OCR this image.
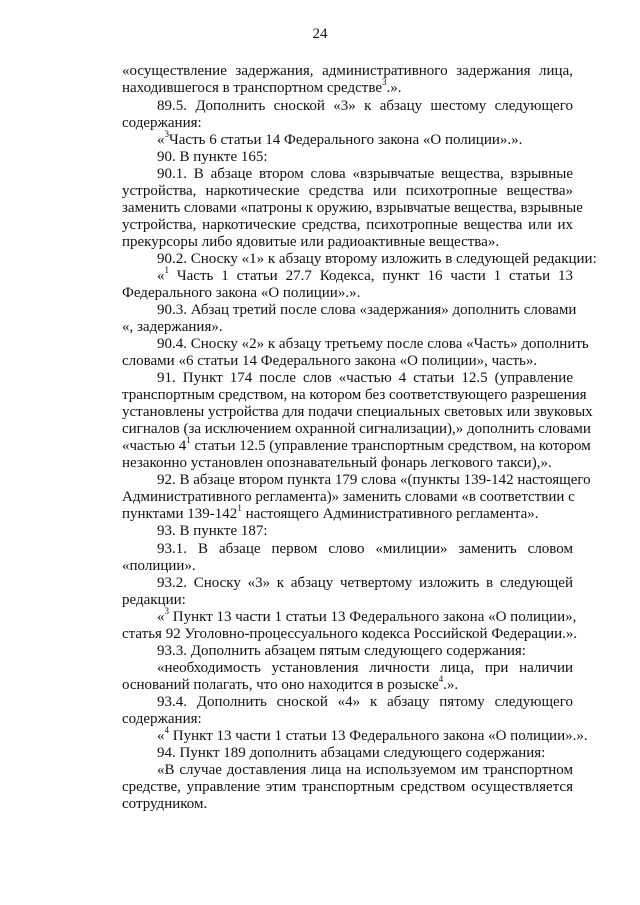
24
«осуществление задержания, административного задержания лица,
находившегося в транспортном средстве$^3$.».
89.5. Дополнить сноской «3» к абзацу шестому следующего
содержания:
«$^3$Часть 6 статьи 14 Федерального закона «О полиции».».
90. В пункте 165:
90.1. В абзаце втором слова «взрывчатые вещества, взрывные
устройства, наркотические средства или психотропные вещества»
заменить словами «патроны к оружию, взрывчатые вещества, взрывные
устройства, наркотические средства, психотропные вещества или их
прекурсоры либо ядовитые или радиоактивные вещества».
90.2. Сноску «1» к абзацу второму изложить в следующей редакции:
«$^1$ Часть 1 статьи 27.7 Кодекса, пункт 16 части 1 статьи 13
Федерального закона «О полиции».».
90.3. Абзац третий после слова «задержания» дополнить словами
«, задержания».
90.4. Сноску «2» к абзацу третьему после слова «Часть» дополнить
словами «6 статьи 14 Федерального закона «О полиции», часть».
91. Пункт 174 после слов «частью 4 статьи 12.5 (управление
транспортным средством, на котором без соответствующего разрешения
установлены устройства для подачи специальных световых или звуковых
сигналов (за исключением охранной сигнализации),» дополнить словами
«частью $4^1$ статьи 12.5 (управление транспортным средством, на котором
незаконно установлен опознавательный фонарь легкового такси),».
92. В абзаце втором пункта 179 слова «(пункты 139-142 настоящего
Административного регламента)» заменить словами «в соответствии с
пунктами $139-142^1$ настоящего Административного регламента».
93. В пункте 187:
93.1. В абзаце первом слово «милиции» заменить словом
«полиции».
93.2. Сноску «3» к абзацу четвертому изложить в следующей
редакции:
«$^3$ Пункт 13 части 1 статьи 13 Федерального закона «О полиции»,
статья 92 Уголовно-процессуального кодекса Российской Федерации.».
93.3. Дополнить абзацем пятым следующего содержания:
«необходимость установления личности лица, при наличии
оснований полагать, что оно находится в розыске$^4$.».
93.4. Дополнить сноской «4» к абзацу пятому следующего
содержания:
«$^4$ Пункт 13 части 1 статьи 13 Федерального закона «О полиции».».
94. Пункт 189 дополнить абзацами следующего содержания:
«В случае доставления лица на используемом им транспортном
средстве, управление этим транспортным средством осуществляется
сотрудником.
